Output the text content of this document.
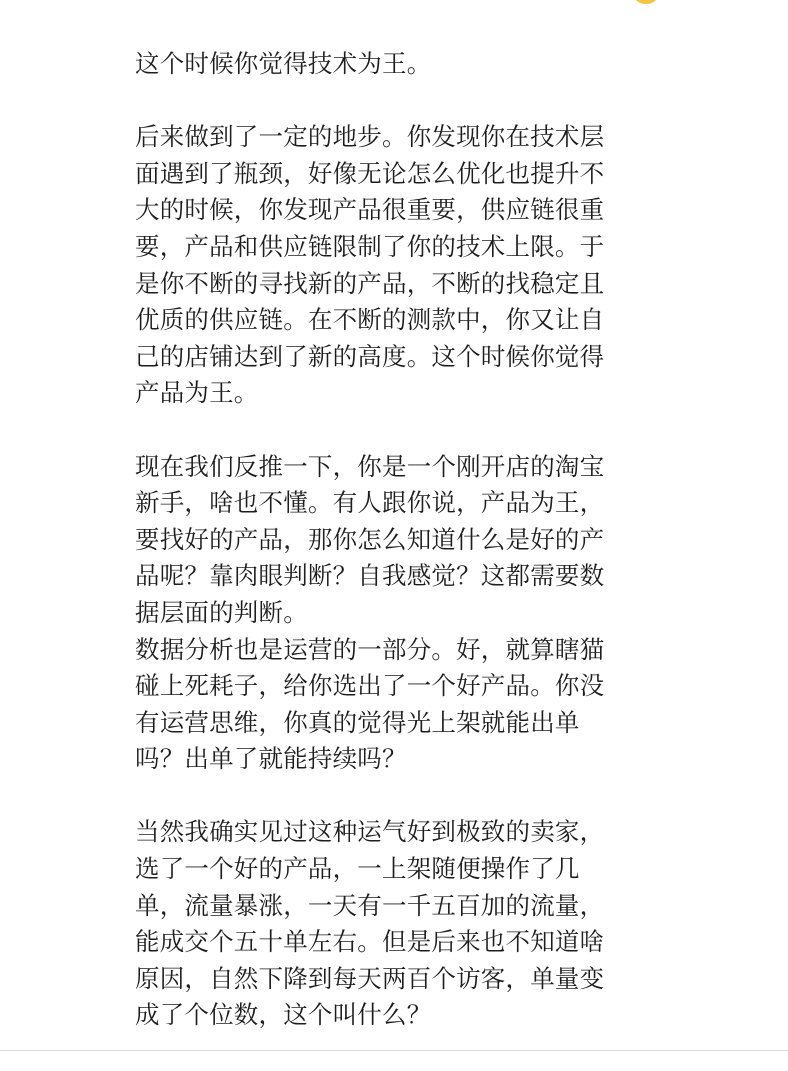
这个时候你觉得技术为王。

后来做到了一定的地步。你发现你在技术层
面遇到了瓶颈，好像无论怎么优化也提升不
大的时候，你发现产品很重要，供应链很重
要，产品和供应链限制了你的技术上限。于
是你不断的寻找新的产品，不断的找稳定且
优质的供应链。在不断的测款中，你又让自
己的店铺达到了新的高度。这个时候你觉得
产品为王。

现在我们反推一下，你是一个刚开店的淘宝
新手，啥也不懂。有人跟你说，产品为王，
要找好的产品，那你怎么知道什么是好的产
品呢？靠肉眼判断？自我感觉？这都需要数
据层面的判断。

数据分析也是运营的一部分。好，就算瞎猫
碰上死耗子，给你选出了一个好产品。你没
有运营思维，你真的觉得光上架就能出单
吗？出单了就能持续吗？

当然我确实见过这种运气好到极致的卖家，
选了一个好的产品，一上架随便操作了几
单，流量暴涨，一天有一千五百加的流量，
能成交个五十单左右。但是后来也不知道啥
原因，自然下降到每天两百个访客，单量变
成了个位数，这个叫什么？
